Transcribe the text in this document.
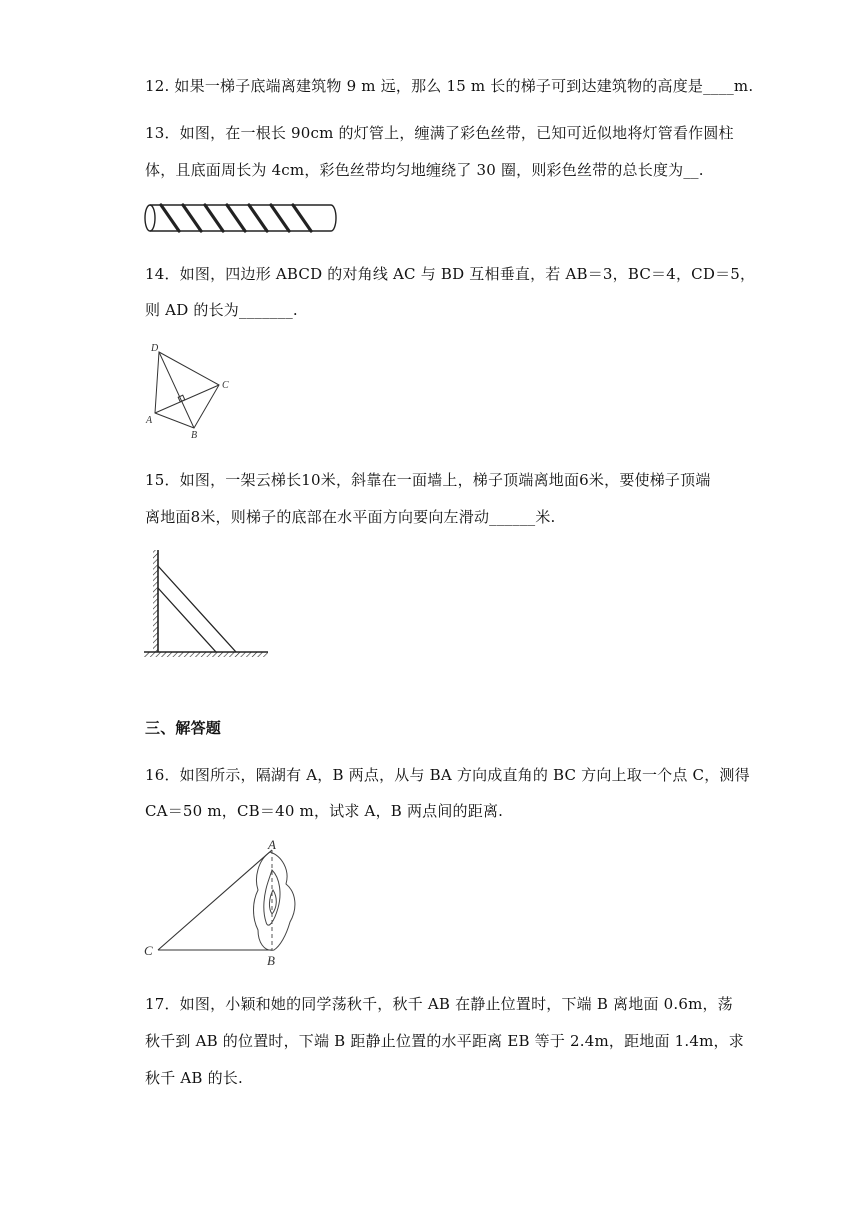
12. 如果一梯子底端离建筑物 9 m 远，那么 15 m 长的梯子可到达建筑物的高度是____m.
13．如图，在一根长 90cm 的灯管上，缠满了彩色丝带，已知可近似地将灯管看作圆柱
体，且底面周长为 4cm，彩色丝带均匀地缠绕了 30 圈，则彩色丝带的总长度为__.
14．如图，四边形 ABCD 的对角线 AC 与 BD 互相垂直，若 AB＝3，BC＝4，CD＝5，
则 AD 的长为_______.
D
C
A
B
15．如图，一架云梯长10米，斜靠在一面墙上，梯子顶端离地面6米，要使梯子顶端
离地面8米，则梯子的底部在水平面方向要向左滑动______米.
三、解答题
16．如图所示，隔湖有 A，B 两点，从与 BA 方向成直角的 BC 方向上取一个点 C，测得
CA＝50 m，CB＝40 m，试求 A，B 两点间的距离.
A
C
B
17．如图，小颖和她的同学荡秋千，秋千 AB 在静止位置时，下端 B 离地面 0.6m，荡
秋千到 AB 的位置时，下端 B 距静止位置的水平距离 EB 等于 2.4m，距地面 1.4m，求
秋千 AB 的长.
